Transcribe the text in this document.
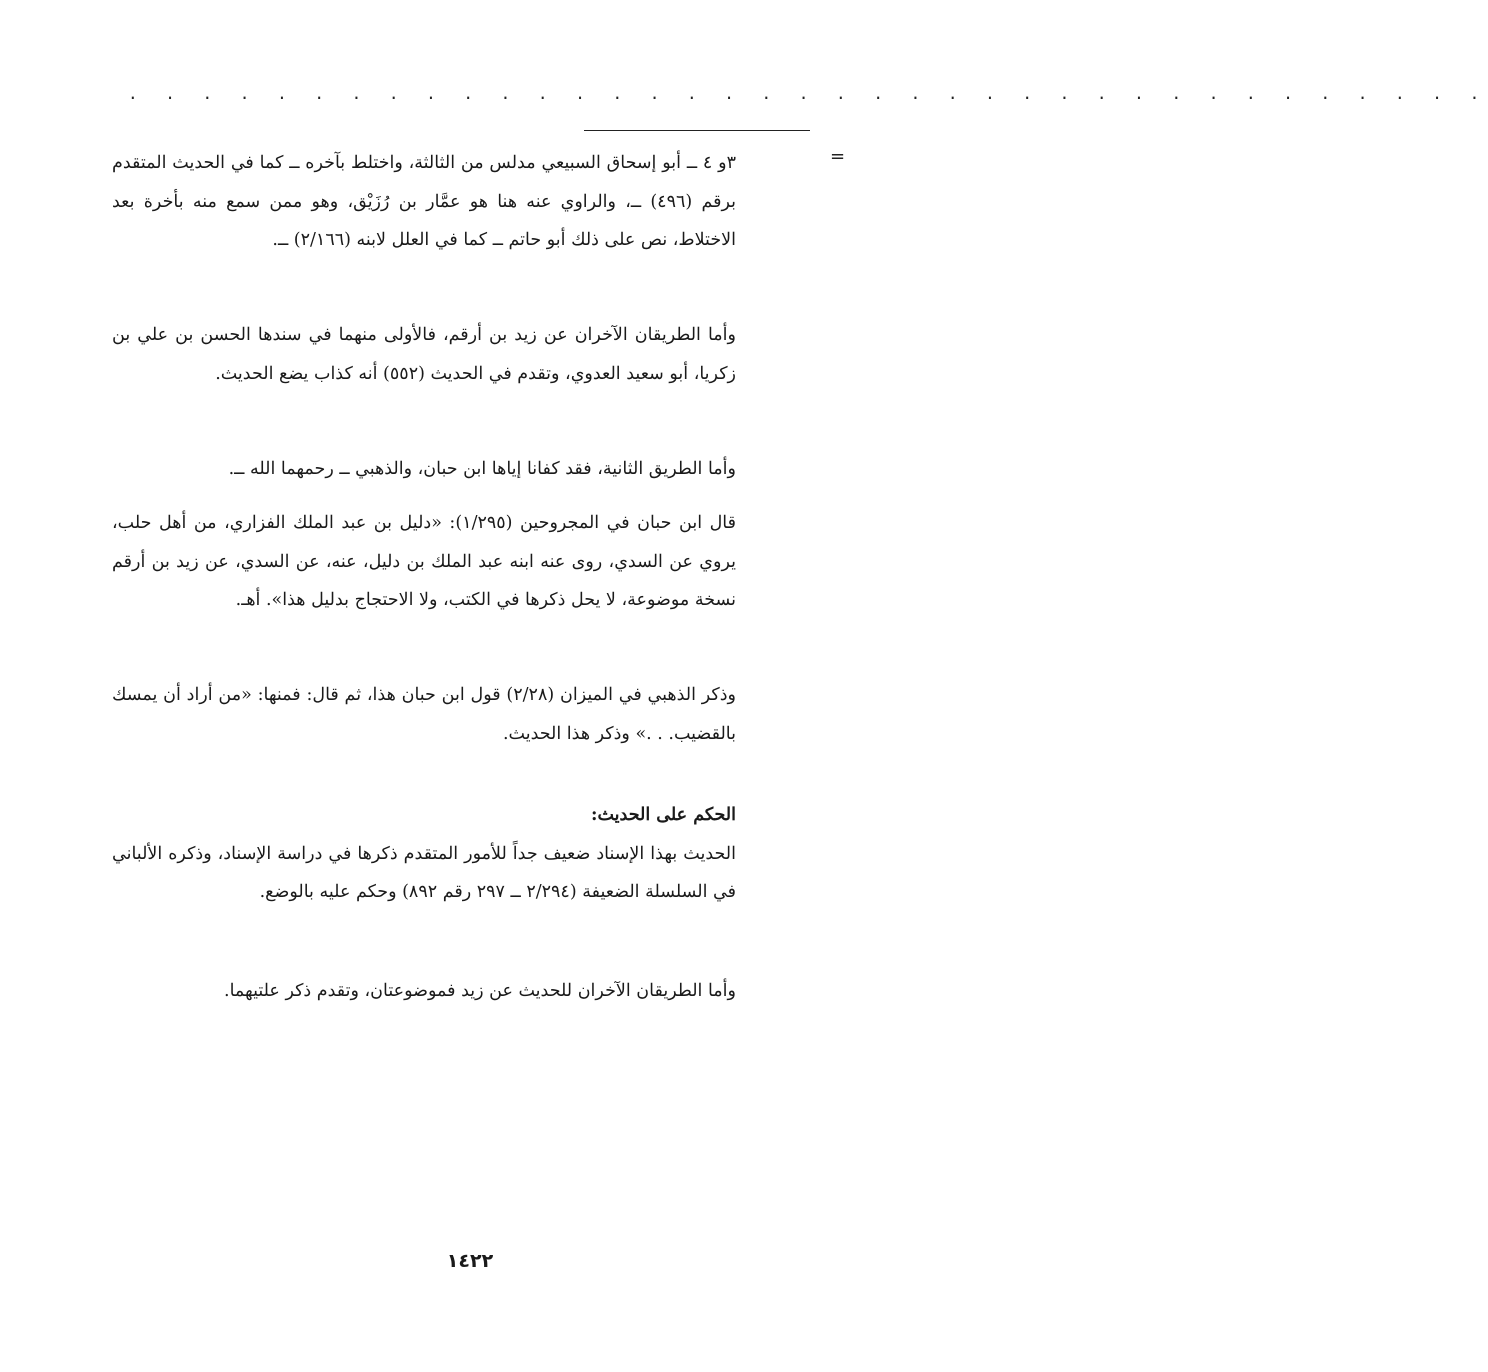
. . . . . . . . . . . . . . . . . . . . . . . . . . . . . . . . . . . . .
=

٣و ٤ ــ أبو إسحاق السبيعي مدلس من الثالثة، واختلط بآخره ــ كما في الحديث المتقدم برقم (٤٩٦) ــ، والراوي عنه هنا هو عمَّار بن رُزَيْق، وهو ممن سمع منه بأخرة بعد الاختلاط، نص على ذلك أبو حاتم ــ كما في العلل لابنه (٢/١٦٦) ــ.

وأما الطريقان الآخران عن زيد بن أرقم، فالأولى منهما في سندها الحسن بن علي بن زكريا، أبو سعيد العدوي، وتقدم في الحديث (٥٥٢) أنه كذاب يضع الحديث.

وأما الطريق الثانية، فقد كفانا إياها ابن حبان، والذهبي ــ رحمهما الله ــ.

قال ابن حبان في المجروحين (١/٢٩٥): «دليل بن عبد الملك الفزاري، من أهل حلب، يروي عن السدي، روى عنه ابنه عبد الملك بن دليل، عنه، عن السدي، عن زيد بن أرقم نسخة موضوعة، لا يحل ذكرها في الكتب، ولا الاحتجاج بدليل هذا». أهـ.

وذكر الذهبي في الميزان (٢/٢٨) قول ابن حبان هذا، ثم قال: فمنها: «من أراد أن يمسك بالقضيب. . .» وذكر هذا الحديث.

الحكم على الحديث:

الحديث بهذا الإسناد ضعيف جداً للأمور المتقدم ذكرها في دراسة الإسناد، وذكره الألباني في السلسلة الضعيفة (٢/٢٩٤ ــ ٢٩٧ رقم ٨٩٢) وحكم عليه بالوضع.

وأما الطريقان الآخران للحديث عن زيد فموضوعتان، وتقدم ذكر علتيهما.

١٤٢٢
